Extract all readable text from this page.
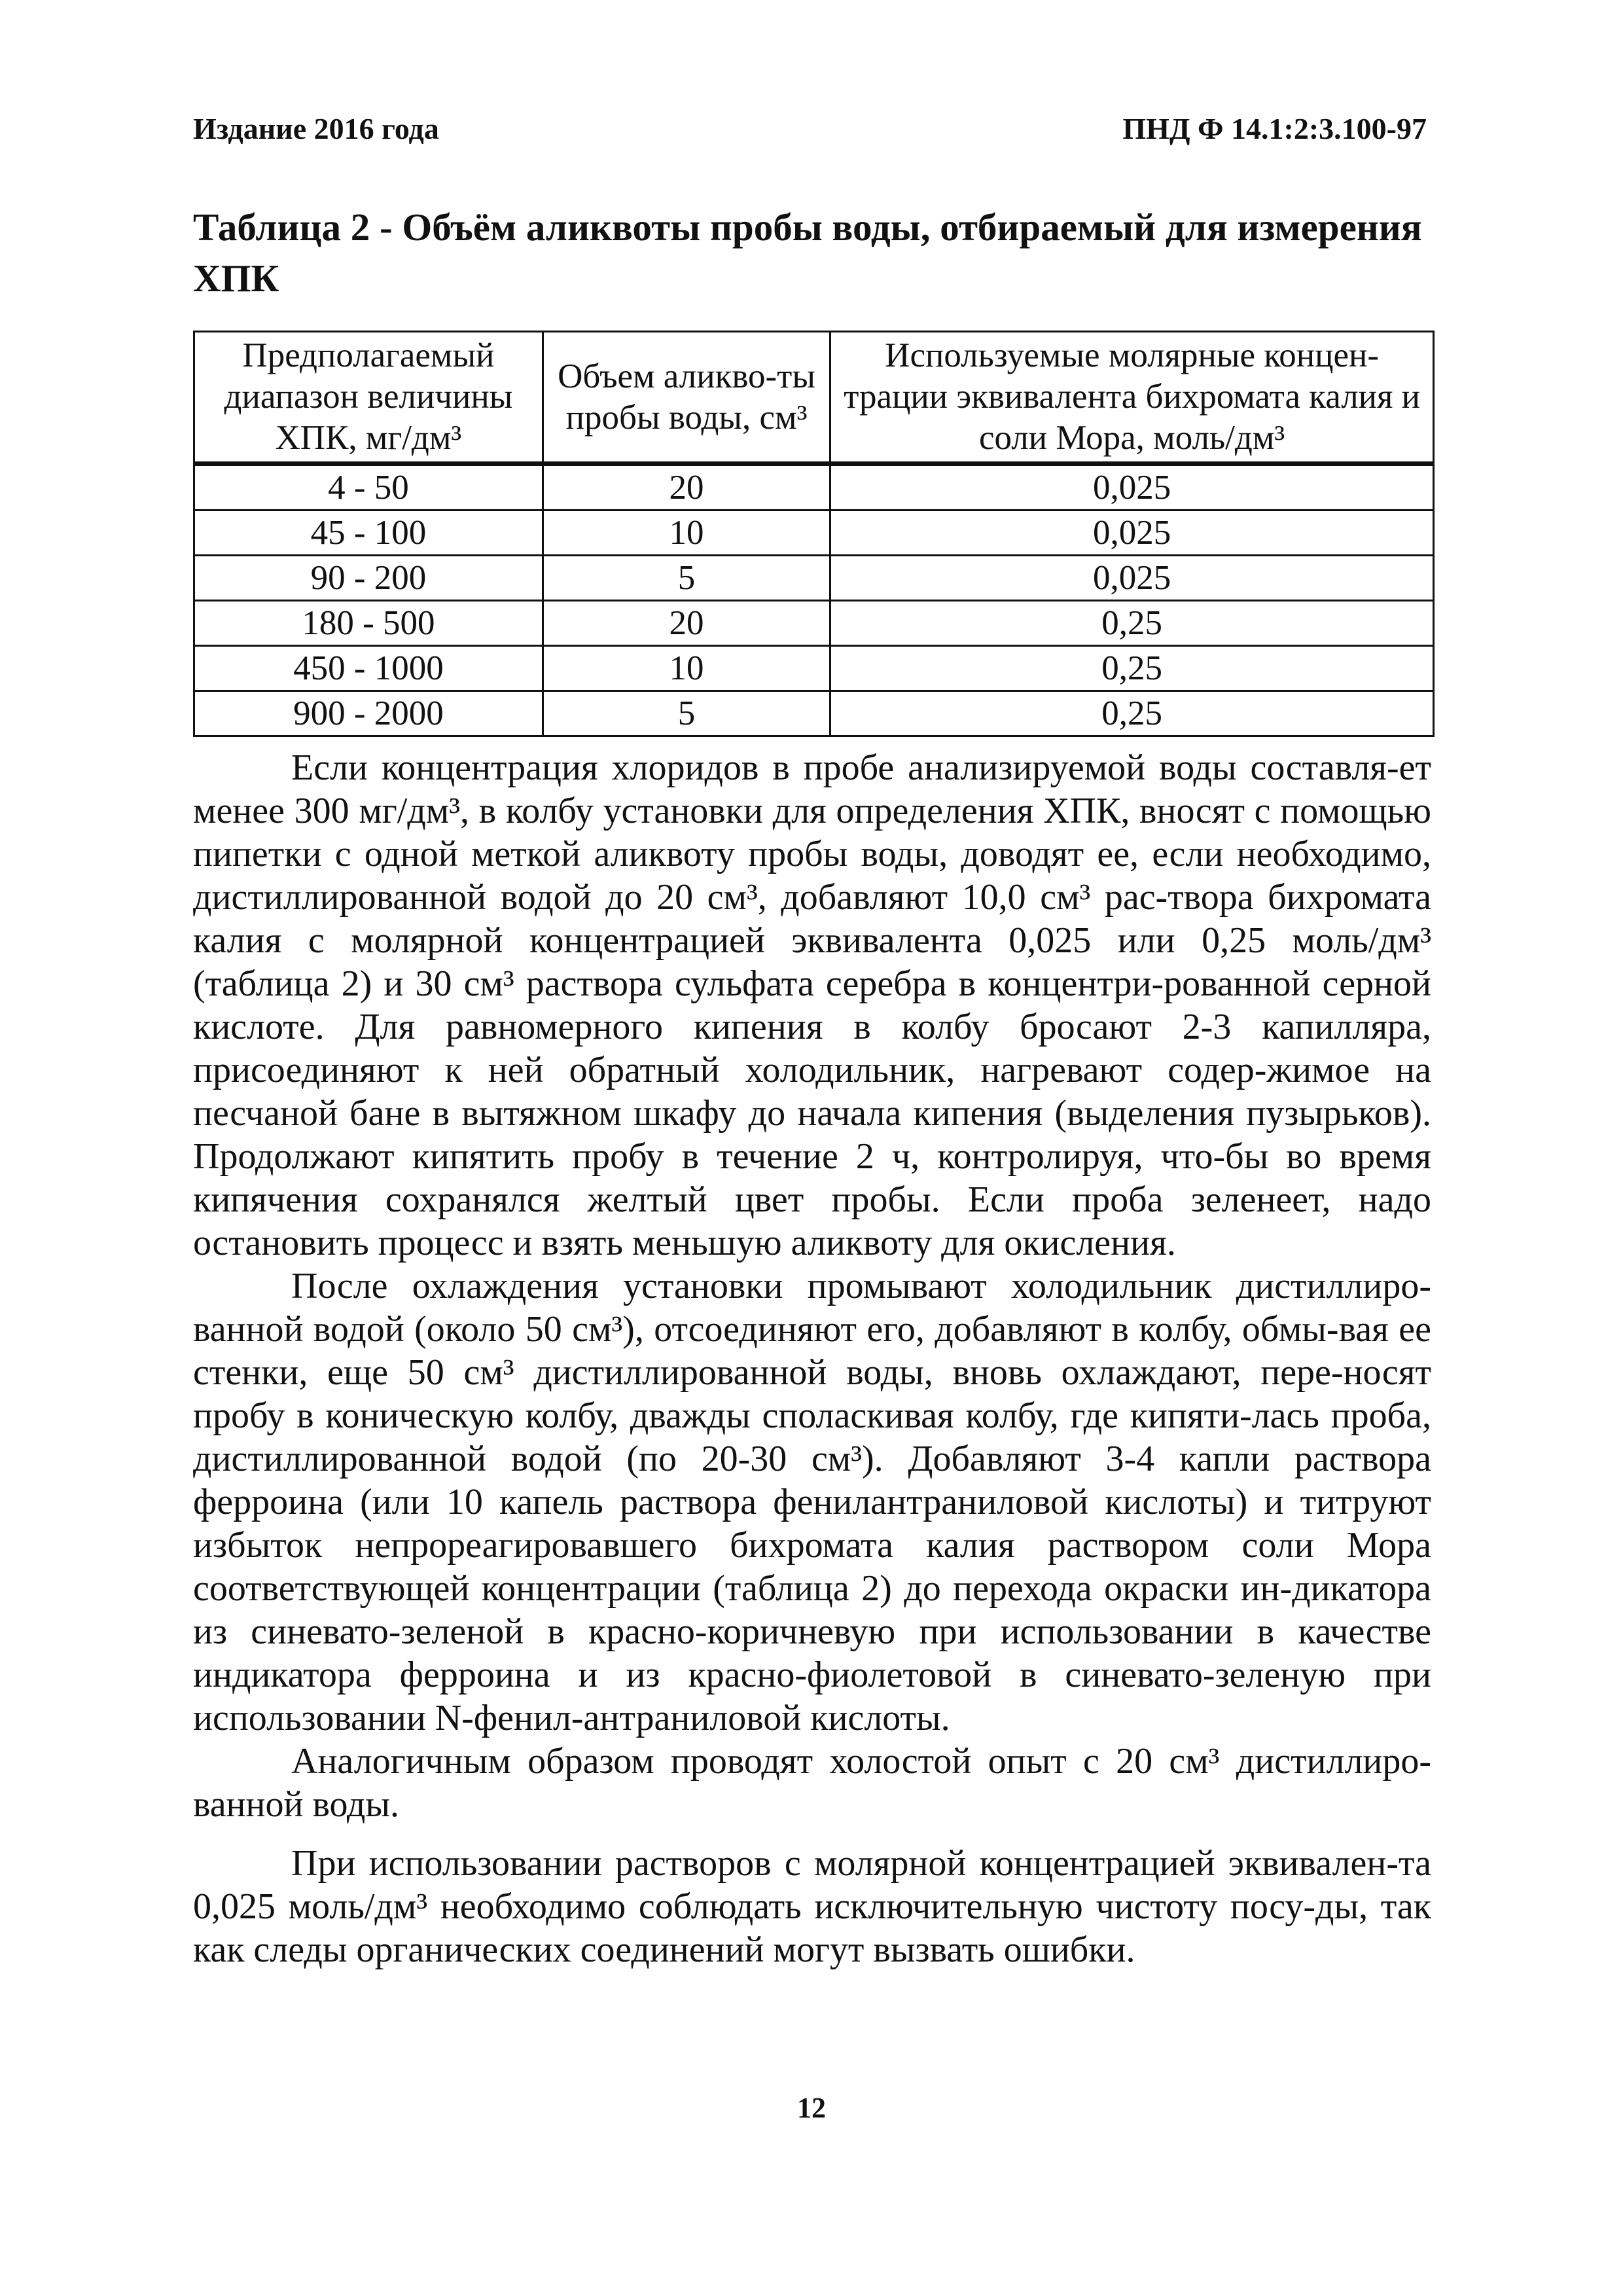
Издание 2016 года	ПНД Ф 14.1:2:3.100-97
Таблица 2 - Объём аликвоты пробы воды, отбираемый для измерения ХПК
Предполагаемый диапазон величины ХПК, мг/дм³	Объем аликво-ты пробы воды, см³	Используемые молярные концен-трации эквивалента бихромата калия и соли Мора, моль/дм³
4 - 50	20	0,025
45 - 100	10	0,025
90 - 200	5	0,025
180 - 500	20	0,25
450 - 1000	10	0,25
900 - 2000	5	0,25

Если концентрация хлоридов в пробе анализируемой воды составля-ет менее 300 мг/дм³, в колбу установки для определения ХПК, вносят с помощью пипетки с одной меткой аликвоту пробы воды, доводят ее, если необходимо, дистиллированной водой до 20 см³, добавляют 10,0 см³ рас-твора бихромата калия с молярной концентрацией эквивалента 0,025 или 0,25 моль/дм³ (таблица 2) и 30 см³ раствора сульфата серебра в концентри-рованной серной кислоте. Для равномерного кипения в колбу бросают 2-3 капилляра, присоединяют к ней обратный холодильник, нагревают содер-жимое на песчаной бане в вытяжном шкафу до начала кипения (выделения пузырьков). Продолжают кипятить пробу в течение 2 ч, контролируя, что-бы во время кипячения сохранялся желтый цвет пробы. Если проба зеленеет, надо остановить процесс и взять меньшую аликвоту для окисления.

После охлаждения установки промывают холодильник дистиллиро-ванной водой (около 50 см³), отсоединяют его, добавляют в колбу, обмы-вая ее стенки, еще 50 см³ дистиллированной воды, вновь охлаждают, пере-носят пробу в коническую колбу, дважды споласкивая колбу, где кипяти-лась проба, дистиллированной водой (по 20-30 см³). Добавляют 3-4 капли раствора ферроина (или 10 капель раствора фенилантраниловой кислоты) и титруют избыток непрореагировавшего бихромата калия раствором соли Мора соответствующей концентрации (таблица 2) до перехода окраски ин-дикатора из синевато-зеленой в красно-коричневую при использовании в качестве индикатора ферроина и из красно-фиолетовой в синевато-зеленую при использовании N-фенил-антраниловой кислоты.

Аналогичным образом проводят холостой опыт с 20 см³ дистиллиро-ванной воды.

При использовании растворов с молярной концентрацией эквивален-та 0,025 моль/дм³ необходимо соблюдать исключительную чистоту посу-ды, так как следы органических соединений могут вызвать ошибки.

12
